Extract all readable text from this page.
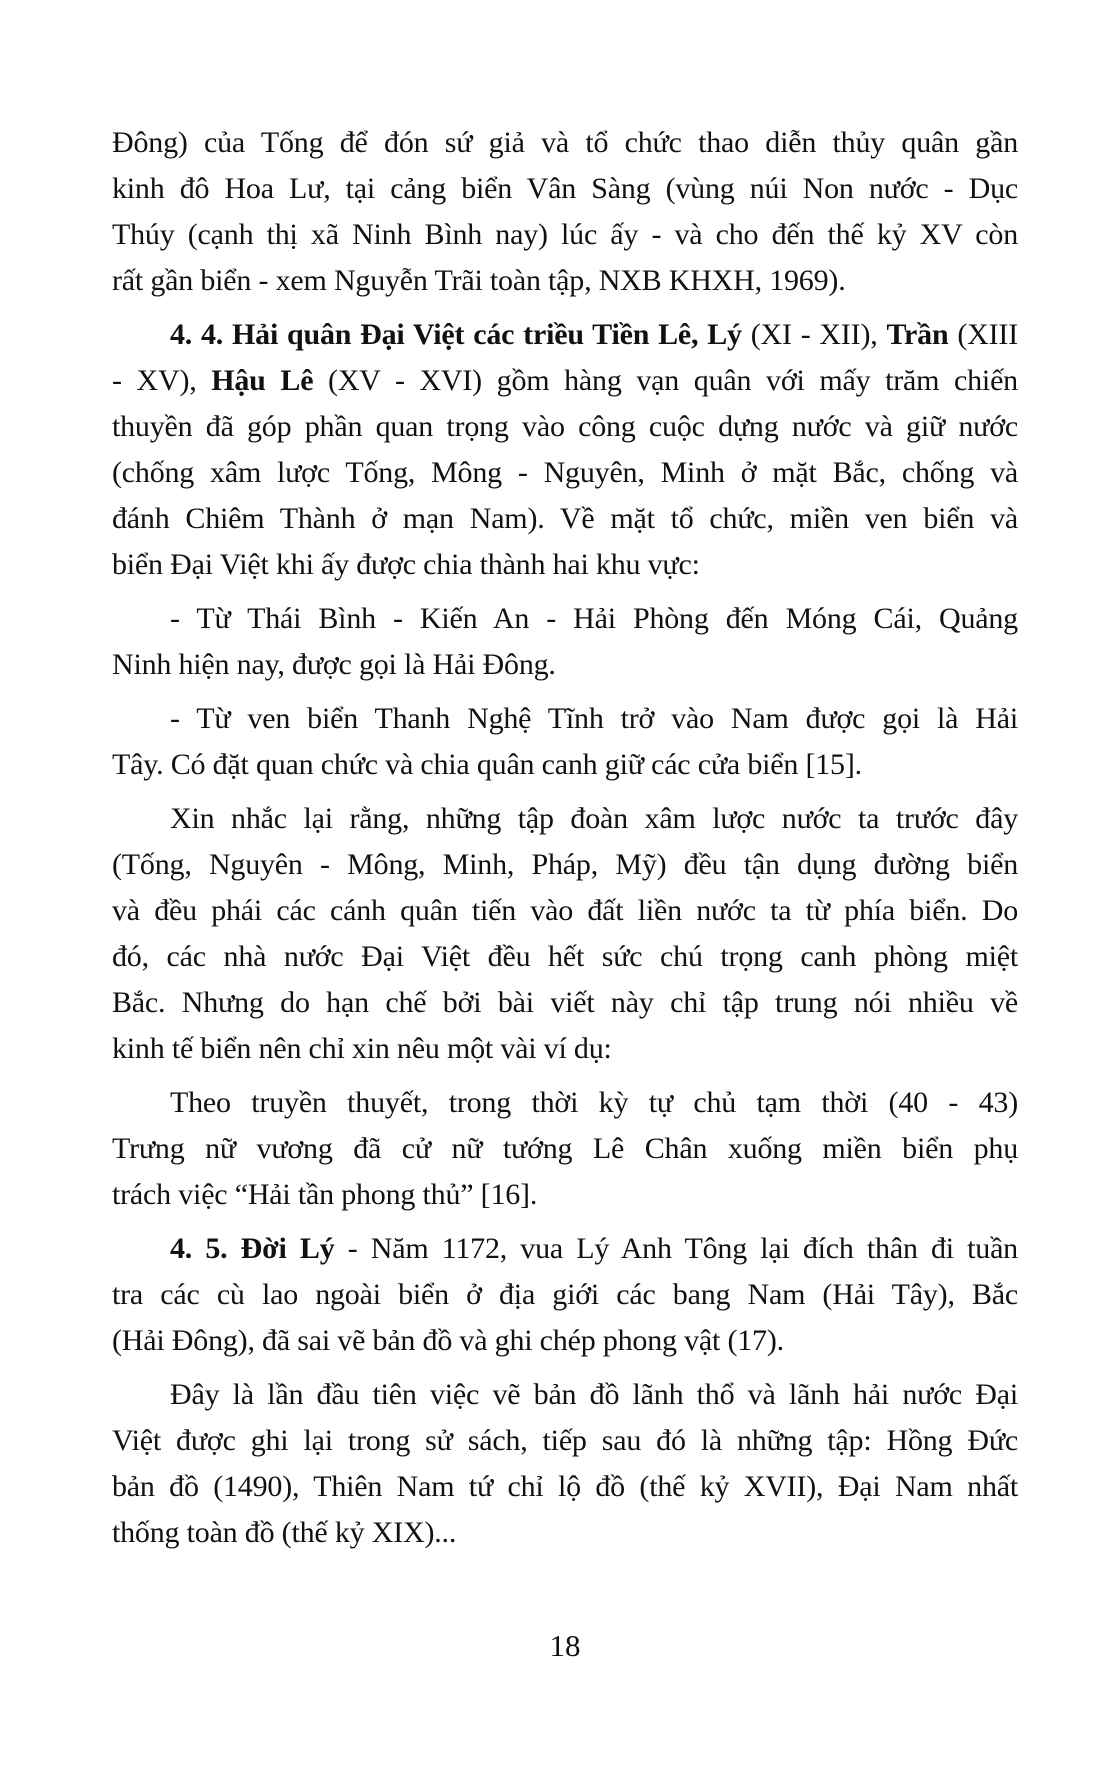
Đông) của Tống để đón sứ giả và tổ chức thao diễn thủy quân gần
kinh đô Hoa Lư, tại cảng biển Vân Sàng (vùng núi Non nước - Dục
Thúy (cạnh thị xã Ninh Bình nay) lúc ấy - và cho đến thế kỷ XV còn
rất gần biển - xem Nguyễn Trãi toàn tập, NXB KHXH, 1969).
4. 4. Hải quân Đại Việt các triều Tiền Lê, Lý (XI - XII), Trần (XIII
- XV), Hậu Lê (XV - XVI) gồm hàng vạn quân với mấy trăm chiến
thuyền đã góp phần quan trọng vào công cuộc dựng nước và giữ nước
(chống xâm lược Tống, Mông - Nguyên, Minh ở mặt Bắc, chống và
đánh Chiêm Thành ở mạn Nam). Về mặt tổ chức, miền ven biển và
biển Đại Việt khi ấy được chia thành hai khu vực:
- Từ Thái Bình - Kiến An - Hải Phòng đến Móng Cái, Quảng
Ninh hiện nay, được gọi là Hải Đông.
- Từ ven biển Thanh Nghệ Tĩnh trở vào Nam được gọi là Hải
Tây. Có đặt quan chức và chia quân canh giữ các cửa biển [15].
Xin nhắc lại rằng, những tập đoàn xâm lược nước ta trước đây
(Tống, Nguyên - Mông, Minh, Pháp, Mỹ) đều tận dụng đường biển
và đều phái các cánh quân tiến vào đất liền nước ta từ phía biển. Do
đó, các nhà nước Đại Việt đều hết sức chú trọng canh phòng miệt
Bắc. Nhưng do hạn chế bởi bài viết này chỉ tập trung nói nhiều về
kinh tế biển nên chỉ xin nêu một vài ví dụ:
Theo truyền thuyết, trong thời kỳ tự chủ tạm thời (40 - 43)
Trưng nữ vương đã cử nữ tướng Lê Chân xuống miền biển phụ
trách việc “Hải tần phong thủ” [16].
4. 5. Đời Lý - Năm 1172, vua Lý Anh Tông lại đích thân đi tuần
tra các cù lao ngoài biển ở địa giới các bang Nam (Hải Tây), Bắc
(Hải Đông), đã sai vẽ bản đồ và ghi chép phong vật (17).
Đây là lần đầu tiên việc vẽ bản đồ lãnh thổ và lãnh hải nước Đại
Việt được ghi lại trong sử sách, tiếp sau đó là những tập: Hồng Đức
bản đồ (1490), Thiên Nam tứ chỉ lộ đồ (thế kỷ XVII), Đại Nam nhất
thống toàn đồ (thế kỷ XIX)...
18
